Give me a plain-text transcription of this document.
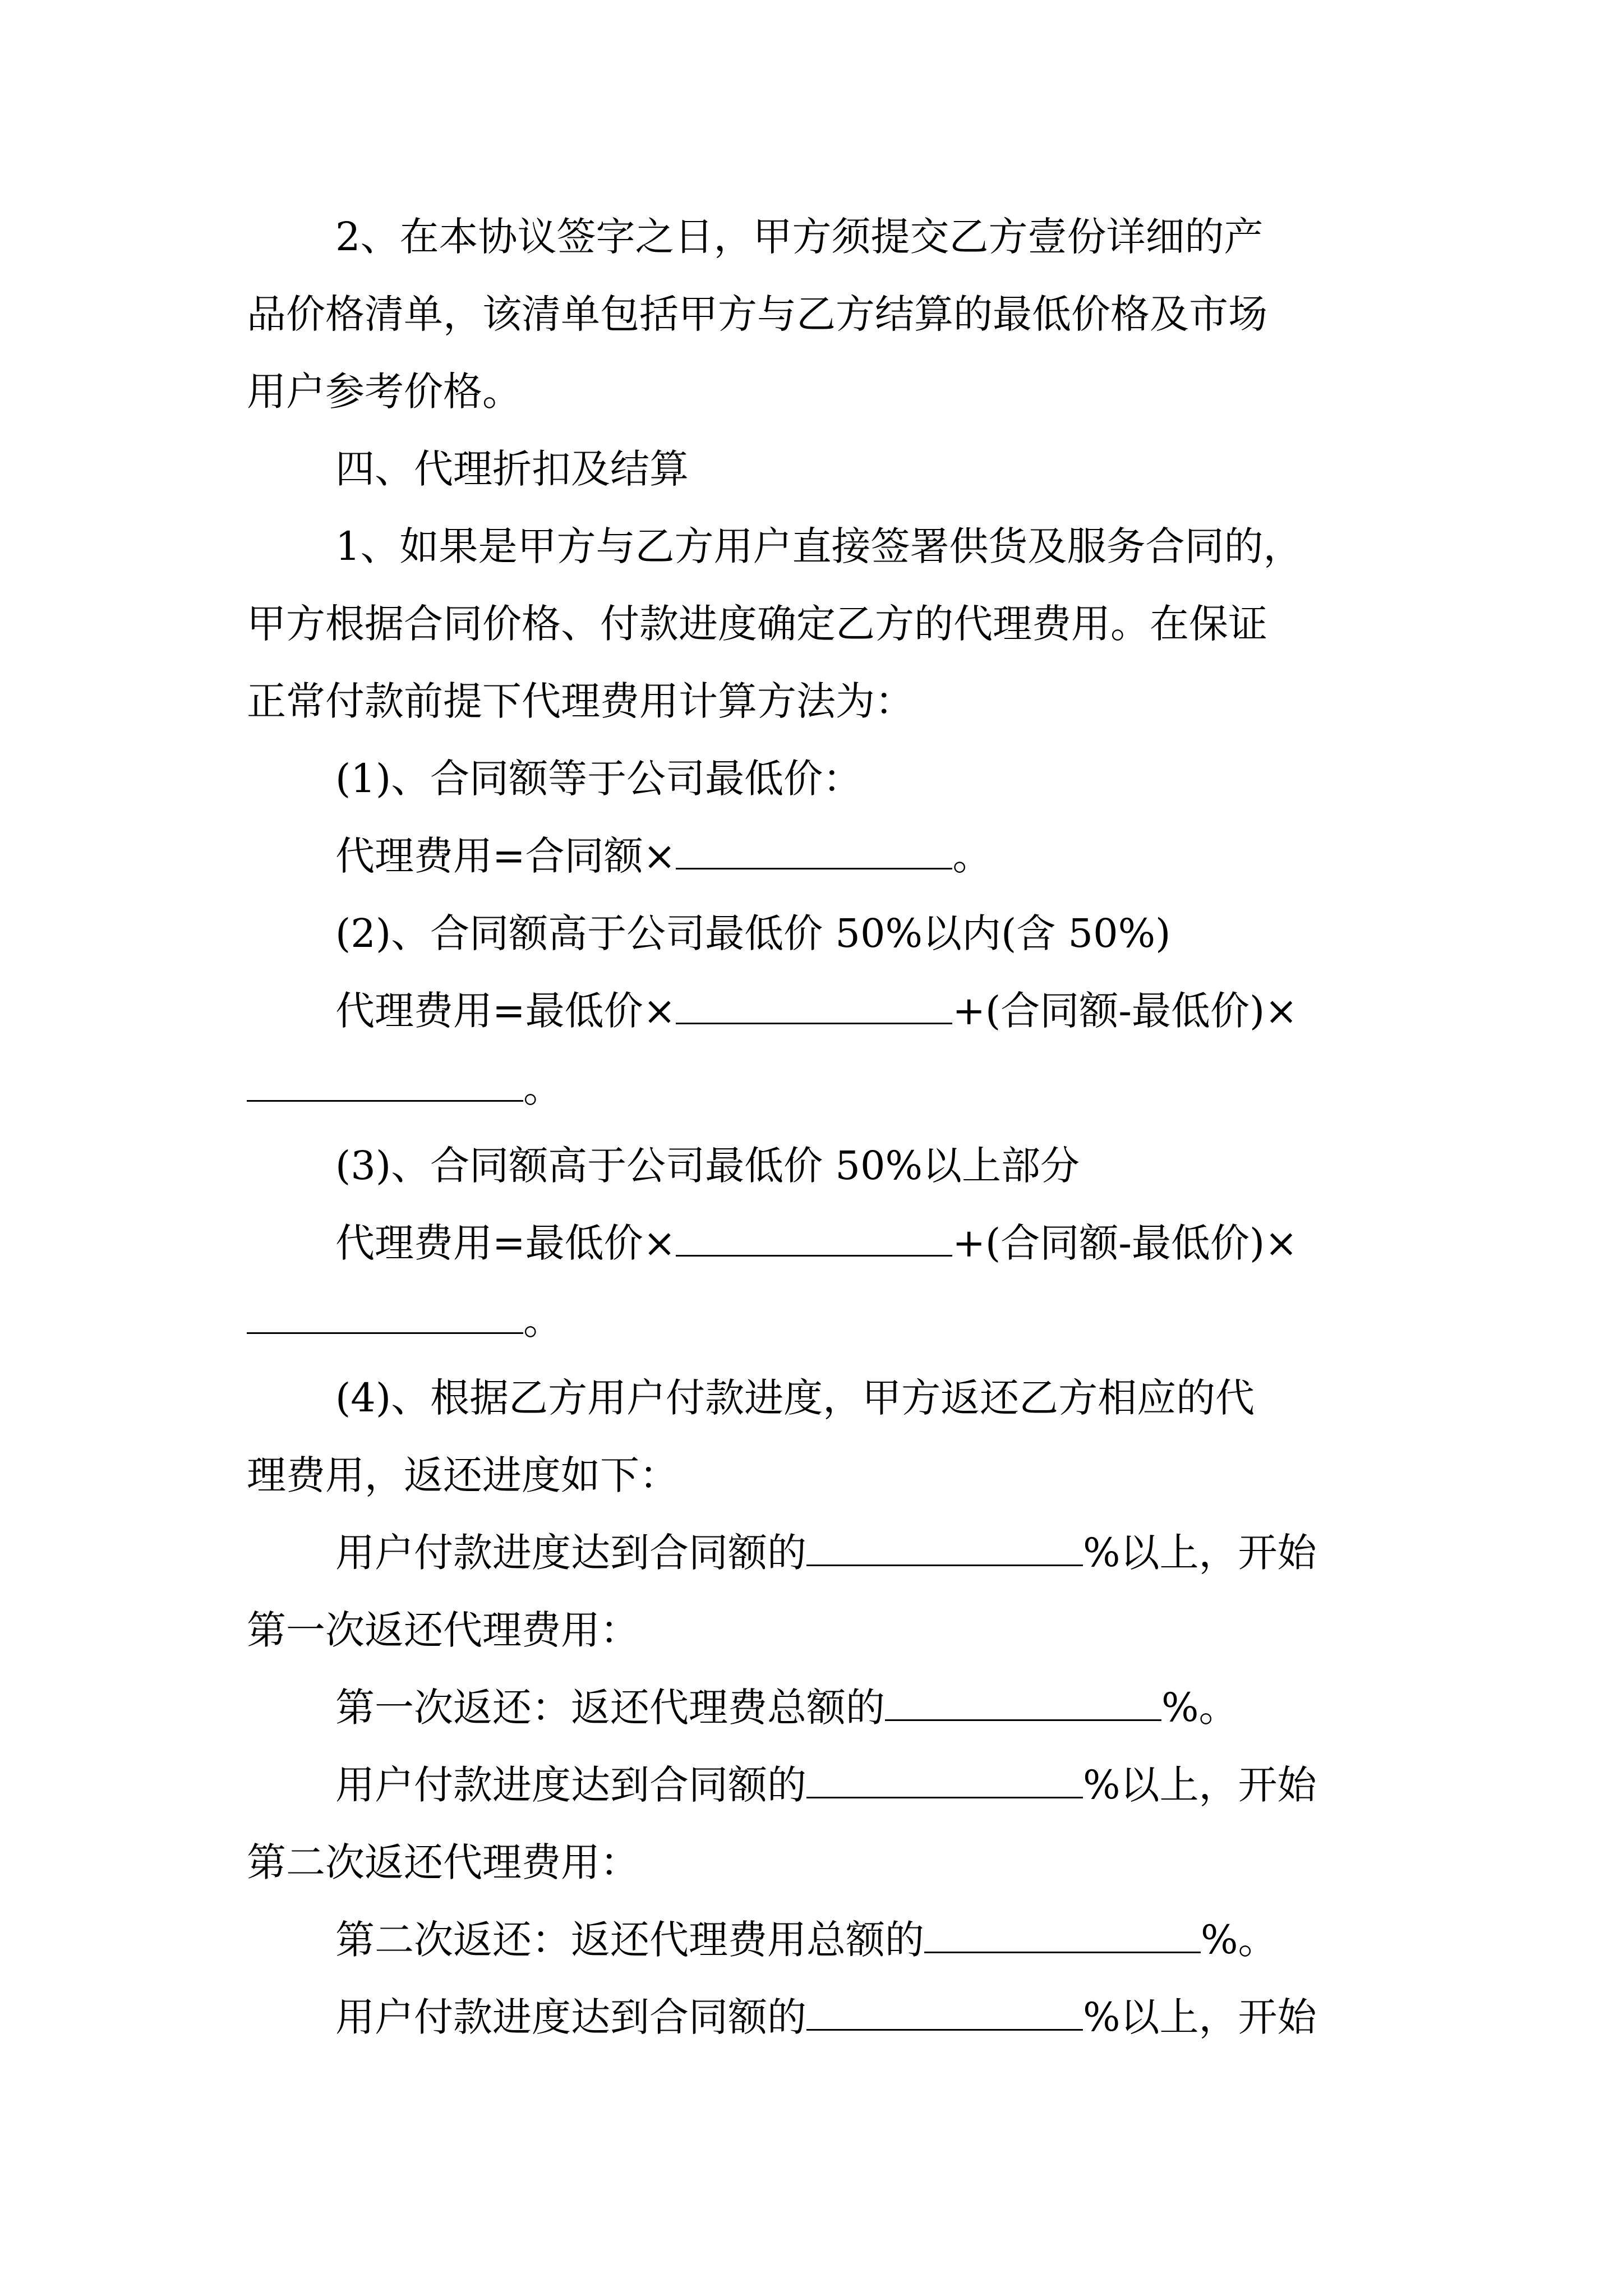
2、在本协议签字之日，甲方须提交乙方壹份详细的产

品价格清单，该清单包括甲方与乙方结算的最低价格及市场

用户参考价格。

四、代理折扣及结算

1、如果是甲方与乙方用户直接签署供货及服务合同的，

甲方根据合同价格、付款进度确定乙方的代理费用。在保证

正常付款前提下代理费用计算方法为：

(1)、合同额等于公司最低价：

代理费用=合同额×	。

(2)、合同额高于公司最低价 50%以内(含 50%)

代理费用=最低价×	+(合同额-最低价)×

。

(3)、合同额高于公司最低价 50%以上部分

代理费用=最低价×	+(合同额-最低价)×

。

(4)、根据乙方用户付款进度，甲方返还乙方相应的代

理费用，返还进度如下：

用户付款进度达到合同额的	%以上，开始

第一次返还代理费用：

第一次返还：返还代理费总额的	%。

用户付款进度达到合同额的	%以上，开始

第二次返还代理费用：

第二次返还：返还代理费用总额的	%。

用户付款进度达到合同额的	%以上，开始
